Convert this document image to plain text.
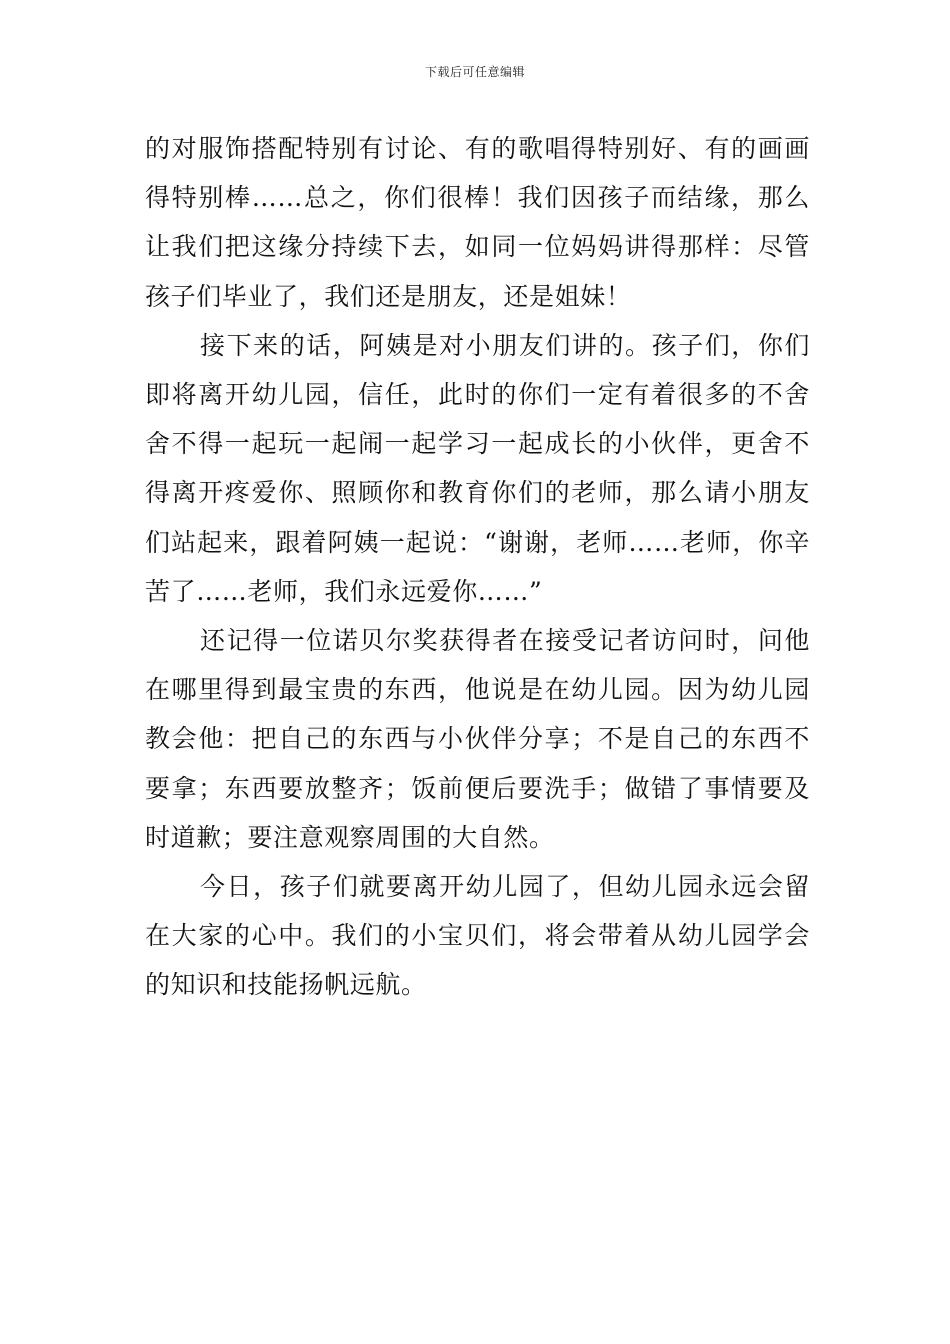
下载后可任意编辑

的对服饰搭配特别有讨论、有的歌唱得特别好、有的画画得特别棒……总之，你们很棒！我们因孩子而结缘，那么让我们把这缘分持续下去，如同一位妈妈讲得那样：尽管孩子们毕业了，我们还是朋友，还是姐妹！

接下来的话，阿姨是对小朋友们讲的。孩子们，你们即将离开幼儿园，信任，此时的你们一定有着很多的不舍舍不得一起玩一起闹一起学习一起成长的小伙伴，更舍不得离开疼爱你、照顾你和教育你们的老师，那么请小朋友们站起来，跟着阿姨一起说：“谢谢，老师……老师，你辛苦了……老师，我们永远爱你……”

还记得一位诺贝尔奖获得者在接受记者访问时，问他在哪里得到最宝贵的东西，他说是在幼儿园。因为幼儿园教会他：把自己的东西与小伙伴分享；不是自己的东西不要拿；东西要放整齐；饭前便后要洗手；做错了事情要及时道歉；要注意观察周围的大自然。

今日，孩子们就要离开幼儿园了，但幼儿园永远会留在大家的心中。我们的小宝贝们，将会带着从幼儿园学会的知识和技能扬帆远航。
